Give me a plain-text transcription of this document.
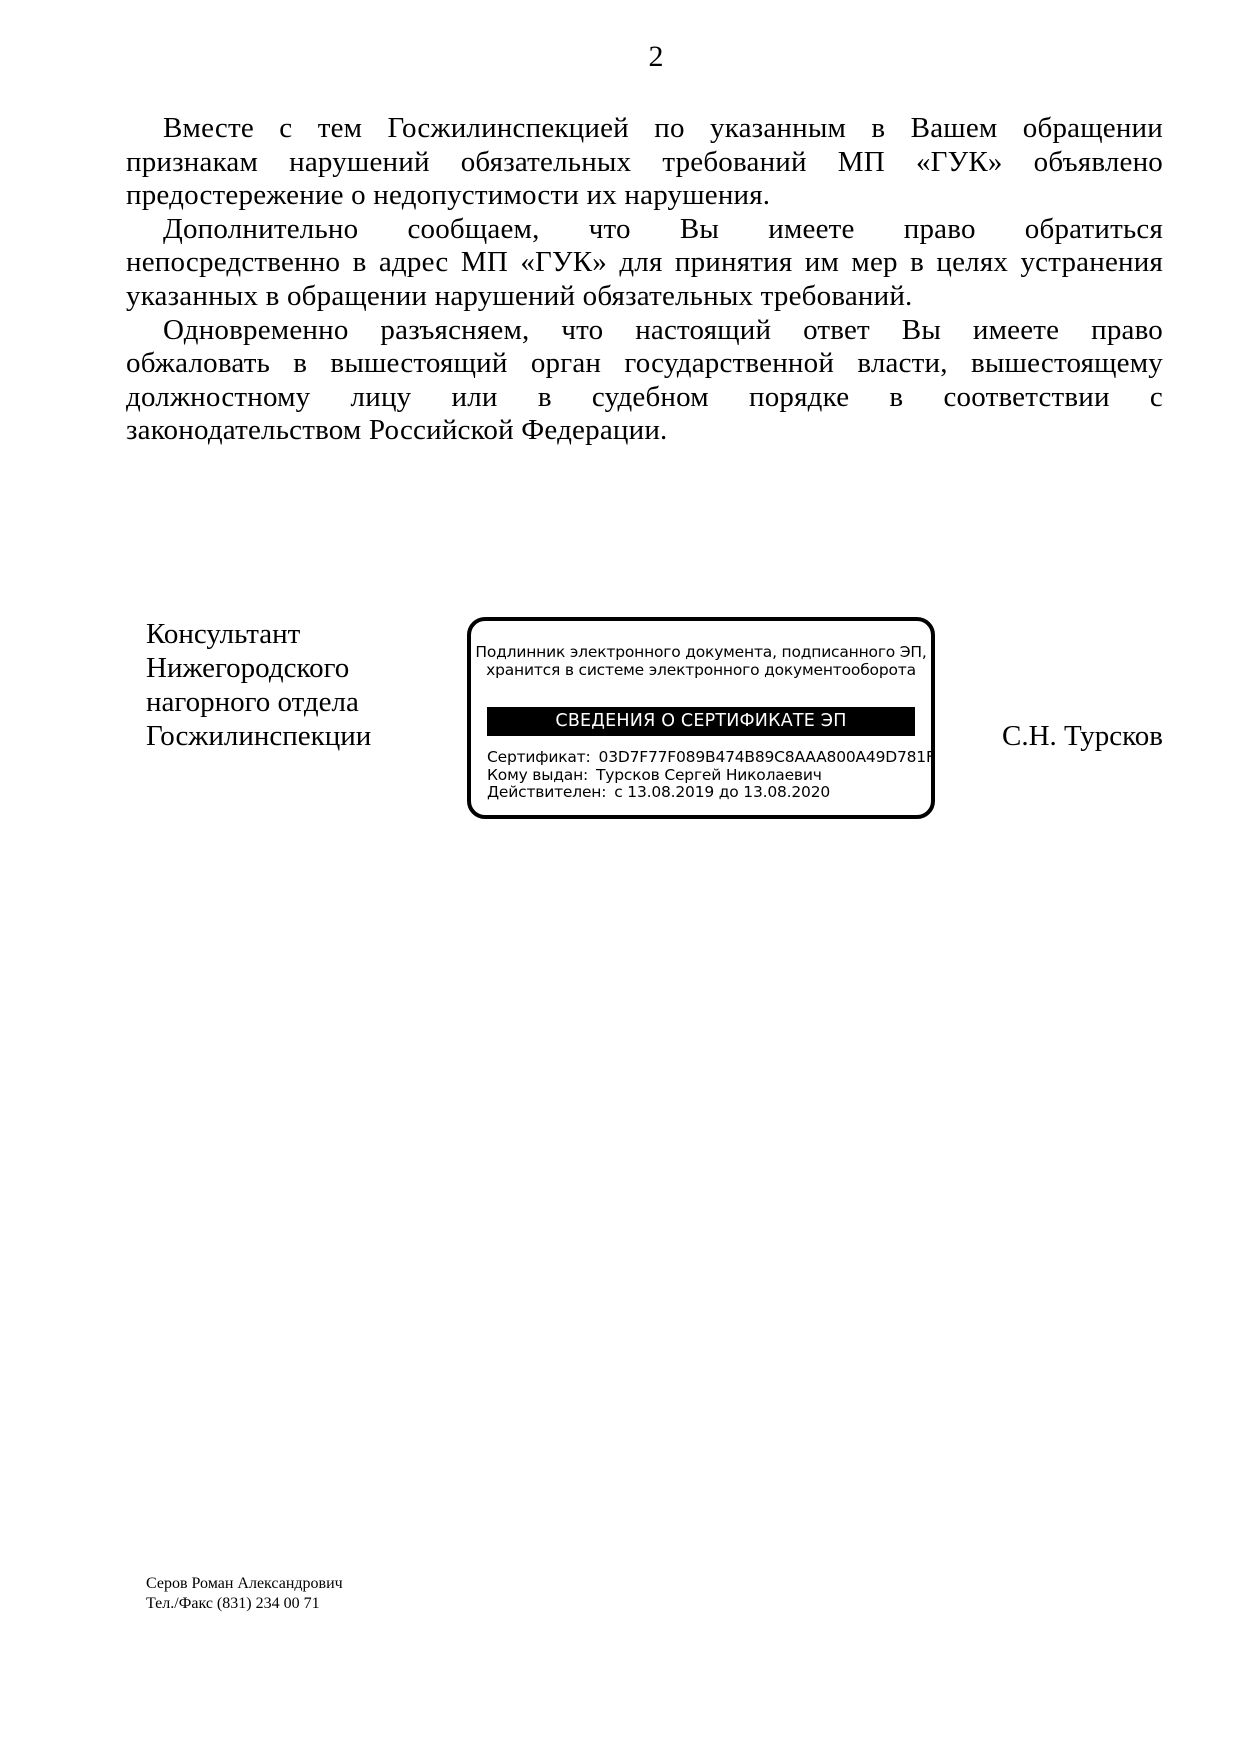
2
Вместе с тем Госжилинспекцией по указанным в Вашем обращении
признакам нарушений обязательных требований МП «ГУК» объявлено
предостережение о недопустимости их нарушения.
Дополнительно сообщаем, что Вы имеете право обратиться
непосредственно в адрес МП «ГУК» для принятия им мер в целях устранения
указанных в обращении нарушений обязательных требований.
Одновременно разъясняем, что настоящий ответ Вы имеете право
обжаловать в вышестоящий орган государственной власти, вышестоящему
должностному лицу или в судебном порядке в соответствии с
законодательством Российской Федерации.
Консультант
Нижегородского
нагорного отдела
Госжилинспекции
Подлинник электронного документа, подписанного ЭП,
хранится в системе электронного документооборота
СВЕДЕНИЯ О СЕРТИФИКАТЕ ЭП
Сертификат: 03D7F77F089B474B89C8AAA800A49D781F
Кому выдан: Турсков Сергей Николаевич
Действителен: с 13.08.2019 до 13.08.2020
С.Н. Турсков
Серов Роман Александрович
Тел./Факс (831) 234 00 71
